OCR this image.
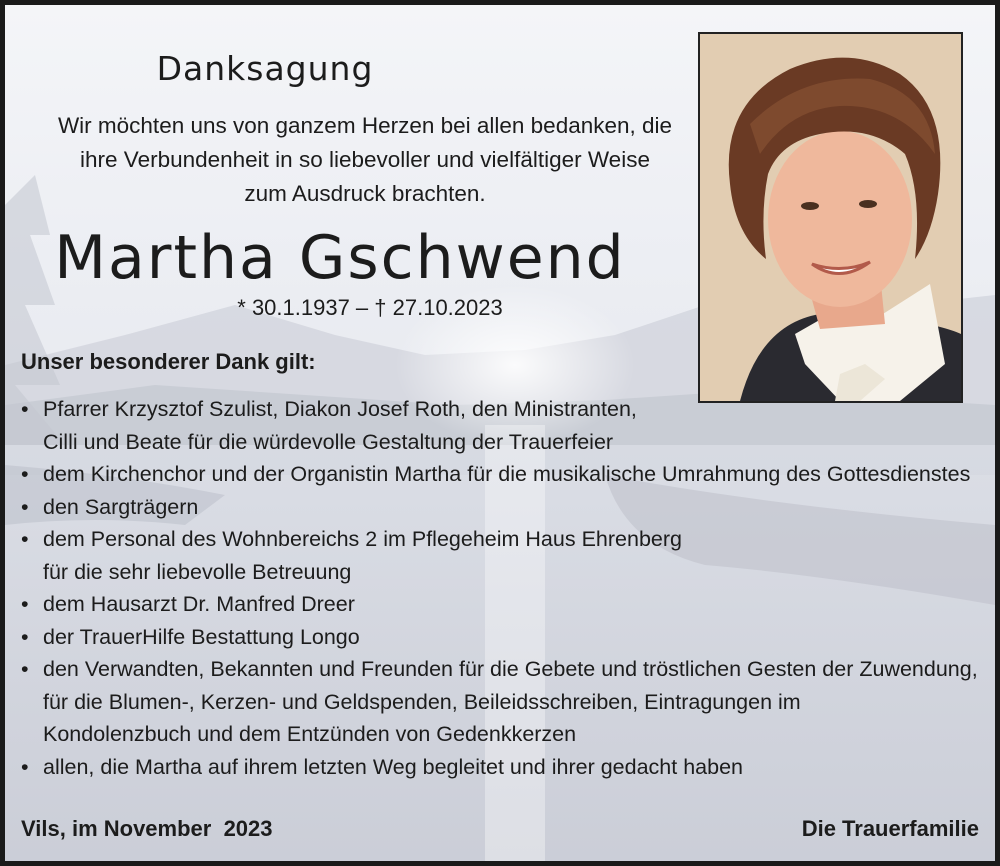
Danksagung
Wir möchten uns von ganzem Herzen bei allen bedanken, die
ihre Verbundenheit in so liebevoller und vielfältiger Weise
zum Ausdruck brachten.
Martha Gschwend
* 30.1.1937 – † 27.10.2023
Unser besonderer Dank gilt:
• Pfarrer Krzysztof Szulist, Diakon Josef Roth, den Ministranten,
Cilli und Beate für die würdevolle Gestaltung der Trauerfeier
• dem Kirchenchor und der Organistin Martha für die musikalische Umrahmung des Gottesdienstes
• den Sargträgern
• dem Personal des Wohnbereichs 2 im Pflegeheim Haus Ehrenberg
für die sehr liebevolle Betreuung
• dem Hausarzt Dr. Manfred Dreer
• der TrauerHilfe Bestattung Longo
• den Verwandten, Bekannten und Freunden für die Gebete und tröstlichen Gesten der Zuwendung,
für die Blumen-, Kerzen- und Geldspenden, Beileidsschreiben, Eintragungen im
Kondolenzbuch und dem Entzünden von Gedenkkerzen
• allen, die Martha auf ihrem letzten Weg begleitet und ihrer gedacht haben
Vils, im November  2023	Die Trauerfamilie
